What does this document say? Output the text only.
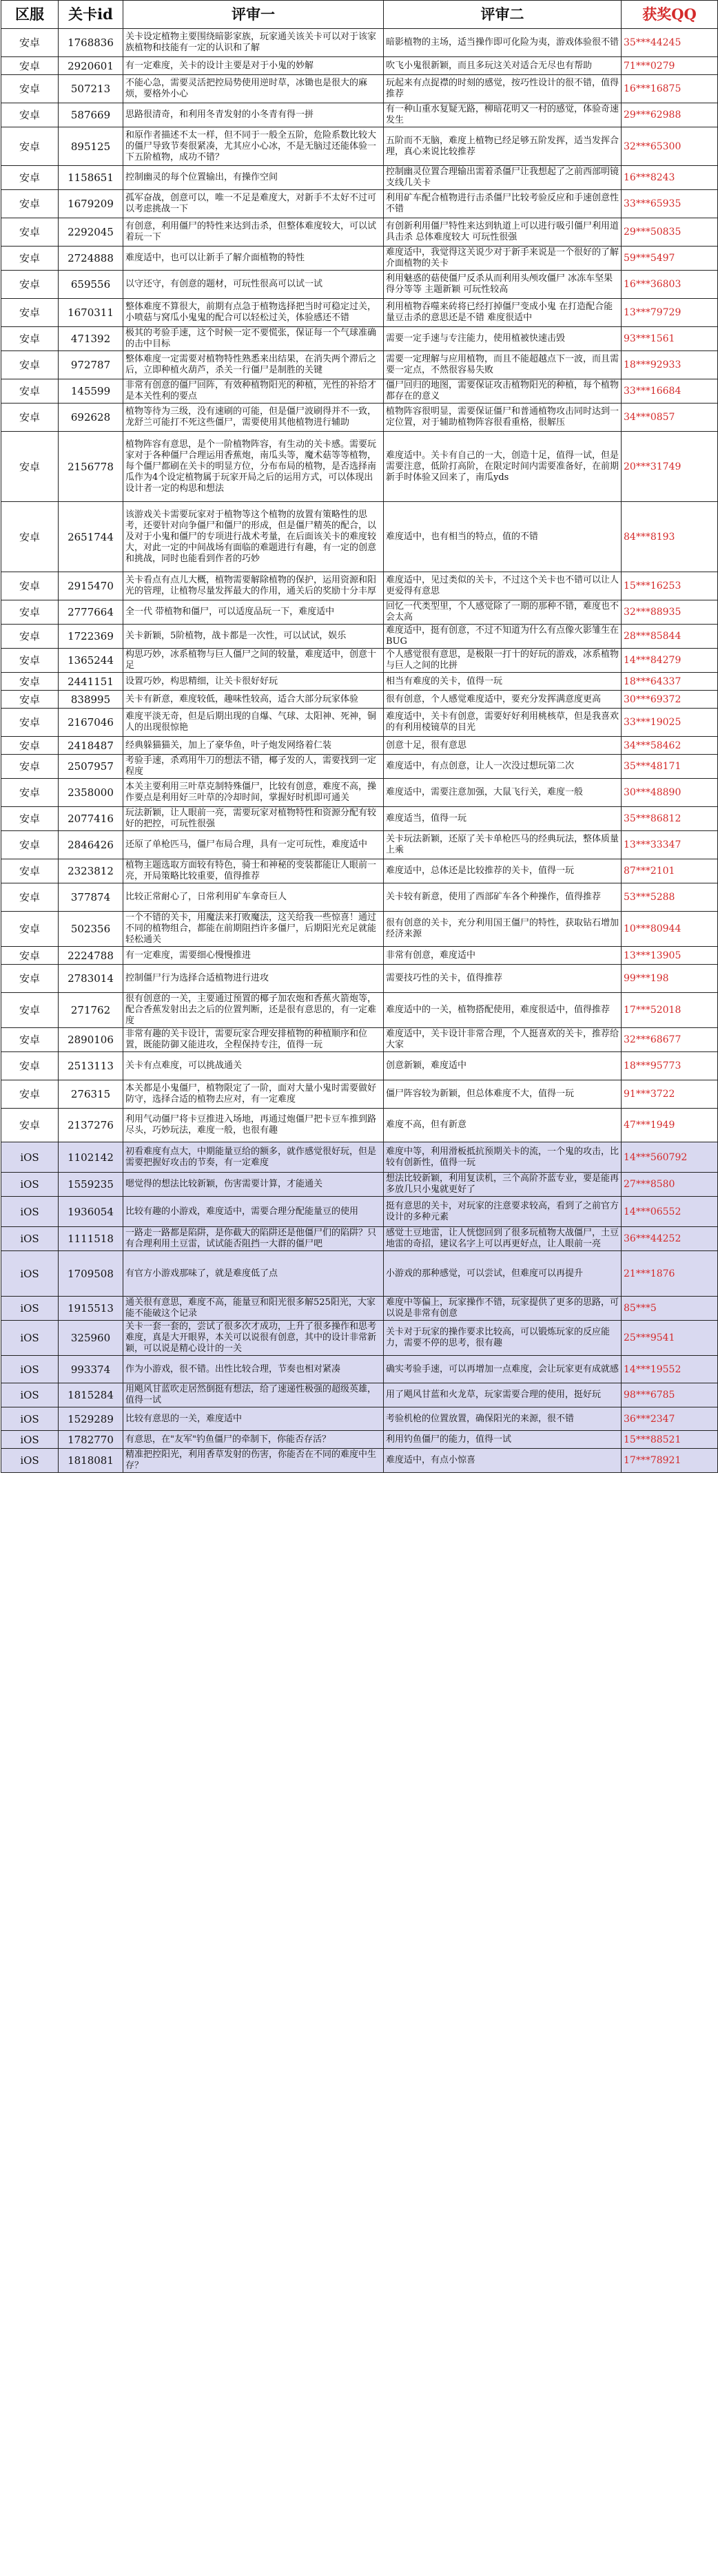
区服	关卡id	评审一	评审二	获奖QQ
安卓	1768836	关卡设定植物主要围绕暗影家族，玩家通关该关卡可以对于该家族植物和技能有一定的认识和了解	暗影植物的主场，适当操作即可化险为夷，游戏体验很不错	35***44245
安卓	2920601	有一定难度，关卡的设计主要是对于小鬼的妙解	吹飞小鬼很新颖，而且多玩这关对适合无尽也有帮助	71***0279
安卓	507213	不能心急，需要灵活把控局势使用逆时草，冰锄也是很大的麻烦，要格外小心	玩起来有点捉襟的时刻的感觉，按巧性设计的很不错，值得推荐	16***16875
安卓	587669	思路很清奇，和利用冬青发射的小冬青有得一拼	有一种山重水复疑无路，柳暗花明又一村的感觉，体验奇速发生	29***62988
安卓	895125	和原作者描述不太一样，但不同于一般全五阶，危险系数比较大的僵尸导致节奏很紧凑，尤其应小心冰，不是无脑过还能体验一下五阶植物，成功不错？	五阶而不无脑，难度上植物已经足够五阶发挥，适当发挥合理，真心来说比较推荐	32***65300
安卓	1158651	控制幽灵的每个位置输出，有操作空间	控制幽灵位置合理输出需着杀僵尸让我想起了之前西部明镜支线几关卡	16***8243
安卓	1679209	孤军奋战，创意可以，唯一不足是难度大，对新手不太好不过可以考虑挑战一下	利用矿车配合植物进行击杀僵尸比较考验反应和手速创意性不错	33***65935
安卓	2292045	有创意，利用僵尸的特性来达到击杀，但整体难度较大，可以试着玩一下	有创新利用僵尸特性来达到轨道上可以进行吸引僵尸利用道具击杀 总体难度较大 可玩性很强	29***50835
安卓	2724888	难度适中，也可以让新手了解介面植物的特性	难度适中，我觉得这关说少对于新手来说是一个很好的了解介面植物的关卡	59***5497
安卓	659556	以守还守，有创意的题材，可玩性很高可以试一试	利用魅惑的菇使僵尸反杀从而利用头颅攻僵尸 冰冻车坚果得分等等 主题新颖 可玩性较高	16***36803
安卓	1670311	整体难度不算很大，前期有点急于植物选择把当时可稳定过关，小喷菇与窝瓜小鬼鬼的配合可以轻松过关，体验感还不错	利用植物吞噬来砖将已经打掉僵尸变成小鬼 在打造配合能量豆击杀的意思还是不错 难度很适中	13***79729
安卓	471392	极其的考验手速，这个时候一定不要慌张，保证每一个气球准确的击中目标	需要一定手速与专注能力，使用植被快速击毁	93***1561
安卓	972787	整体难度一定需要对植物特性熟悉来出结果，在消失两个滞后之后，立即种植火葫芦，杀关一行僵尸是制胜的关键	需要一定理解与应用植物，而且不能超越点下一波，而且需要一定点，不然很容易失败	18***92933
安卓	145599	非常有创意的僵尸回阵，有效种植物阳光的种植，光性的补给才是本关性利的要点	僵尸回归的地图，需要保证攻击植物阳光的种植，每个植物都存在的意义	33***16684
安卓	692628	植物等待为三级，没有速刷的可能，但是僵尸波刷得并不一致，龙舒兰可能打不死这些僵尸，需要使用其他植物进行辅助	植物阵容很明显，需要保证僵尸和普通植物攻击同时达到一定位置，对于辅助植物阵容很看重格，很解压	34***0857
安卓	2156778	植物阵容有意思，是个一阶植物阵容，有生动的关卡感。需要玩家对于各种僵尸合理运用香蕉炮，南瓜头等，魔术菇等等植物，每个僵尸都刷在关卡的明显方位，分布布局的植物，是否选择南瓜作为4个设定植物属于玩家开局之后的运用方式，可以体现出设计者一定的构思和想法	难度适中。关卡有自己的一大，创造十足，值得一试，但是需要注意，低阶打高阶，在限定时间内需要准备好，在前期新手时体验又回来了，南瓜yds	20***31749
安卓	2651744	该游戏关卡需要玩家对于植物等这个植物的放置有策略性的思考，还要针对向争僵尸和僵尸的形成，但是僵尸精英的配合，以及对于小鬼和僵尸的专项进行战术考量，在后面该关卡的难度较大，对此一定的中间战场有面临的难题进行有趣，有一定的创意和挑战，同时也能看到作者的巧妙	难度适中，也有相当的特点，值的不错	84***8193
安卓	2915470	关卡看点有点儿大概，植物需要解除植物的保护，运用资源和阳光的管理，让植物尽量发挥最大的作用，通关后的奖励十分丰厚	难度适中，见过类似的关卡，不过这个关卡也不错可以让人更爱得有意思	15***16253
安卓	2777664	全一代 带植物和僵尸，可以适度品玩一下，难度适中	回忆一代类型里，个人感觉除了一期的那种不错，难度也不会太高	32***88935
安卓	1722369	关卡新颖，5阶植物，战卡都是一次性，可以试试，娱乐	难度适中，挺有创意，不过不知道为什么有点像火影雏生在BUG	28***85844
安卓	1365244	构思巧妙，冰系植物与巨人僵尸之间的较量，难度适中，创意十足	个人感觉很有意思，是极限一打十的好玩的游戏，冰系植物与巨人之间的比拼	14***84279
安卓	2441151	设置巧妙，构思精细，让关卡很好好玩	相当有难度的关卡，值得一玩	18***64337
安卓	838995	关卡有新意，难度较低，趣味性较高，适合大部分玩家体验	很有创意，个人感觉难度适中，要充分发挥满意度更高	30***69372
安卓	2167046	难度平淡无奇，但是后期出现的自爆、气球、太阳神、死神，铜人的出现很惊艳	难度适中，关卡有创意，需要好好利用桃核草，但是我喜欢的有利用棱镜草的目光	33***19025
安卓	2418487	经典躲猫猫关，加上了豪华鱼，叶子炮发网络着仁装	创意十足，很有意思	34***58462
安卓	2507957	考验手速，杀鸡用牛刀的想法不错，椰子发的人，需要找到一定程度	难度适中，有点创意，让人一次没过想玩第二次	35***48171
安卓	2358000	本关主要利用三叶草克制特殊僵尸，比较有创意，难度不高，操作要点是利用好三叶草的冷却时间，掌握好时机即可通关	难度适中，需要注意加强，大鼠飞行关，难度一般	30***48890
安卓	2077416	玩法新颖，让人眼前一亮，需要玩家对植物特性和资源分配有较好的把控，可玩性很强	难度适当，值得一玩	35***86812
安卓	2846426	还原了单枪匹马，僵尸布局合理，具有一定可玩性，难度适中	关卡玩法新颖，还原了关卡单枪匹马的经典玩法，整体质量上乘	13***33347
安卓	2323812	植物主题选取方面较有特色，骑士和神秘的变装都能让人眼前一亮，开局策略比较重要，值得推荐	难度适中，总体还是比较推荐的关卡，值得一玩	87***2101
安卓	377874	比较正常耐心了，日常利用矿车拿奇巨人	关卡较有新意，使用了西部矿车各个种操作，值得推荐	53***5288
安卓	502356	一个不错的关卡，用魔法来打败魔法，这关给我一些惊喜！通过不同的植物组合，都能在前期阻挡许多僵尸，后期阳光充足就能轻松通关	很有创意的关卡，充分利用国王僵尸的特性，获取钻石增加经济来源	10***80944
安卓	2224788	有一定难度，需要细心慢慢推进	非常有创意，难度适中	13***13905
安卓	2783014	控制僵尸行为选择合适植物进行进攻	需要技巧性的关卡，值得推荐	99***198
安卓	271762	很有创意的一关，主要通过预置的椰子加农炮和香蕉火箭炮等，配合香蕉发射出去之后的位置判断，还是很有意思的，有一定难度	难度适中的一关，植物搭配使用，难度很适中，值得推荐	17***52018
安卓	2890106	非常有趣的关卡设计，需要玩家合理安排植物的种植顺序和位置，既能防御又能进攻，全程保持专注，值得一玩	难度适中，关卡设计非常合理，个人挺喜欢的关卡，推荐给大家	32***68677
安卓	2513113	关卡有点难度，可以挑战通关	创意新颖，难度适中	18***95773
安卓	276315	本关都是小鬼僵尸，植物限定了一阶，面对大量小鬼时需要做好防守，选择合适的植物去应对，有一定难度	僵尸阵容较为新颖，但总体难度不大，值得一玩	91***3722
安卓	2137276	利用气动僵尸将卡豆推进入场地，再通过炮僵尸把卡豆车推到路尽头，巧妙玩法，难度一般，也很有趣	难度不高，但有新意	47***1949
iOS	1102142	初看难度有点大，中期能量豆给的额多，就作感觉很好玩，但是需要把握好攻击的节奏，有一定难度	难度中等，利用滑板抵抗预期关卡的流，一个鬼的攻击，比较有创新性，值得一玩	14***560792
iOS	1559235	嗯觉得的想法比较新颖，伤害需要计算，才能通关	想法比较新颖，利用复读机，三个高阶芥蓝专业，要是能再多放几只小鬼就更好了	27***8580
iOS	1936054	比较有趣的小游戏，难度适中，需要合理分配能量豆的使用	挺有意思的关卡，对玩家的注意要求较高，看到了之前官方设计的多种元素	14***06552
iOS	1111518	一路走一路都是陷阱，是你截大的陷阱还是他僵尸们的陷阱？只有合理利用土豆雷，试试能否阻挡一大群的僵尸吧	感觉土豆地雷，让人恍惚回到了很多玩植物大战僵尸，土豆地雷的奇招，建议名字上可以再更好点，让人眼前一亮	36***44252
iOS	1709508	有官方小游戏那味了，就是难度低了点	小游戏的那种感觉，可以尝试，但难度可以再提升	21***1876
iOS	1915513	通关很有意思，难度不高，能量豆和阳光很多解525阳光，大家能不能破这个记录	难度中等偏上，玩家操作不错，玩家提供了更多的思路，可以说是非常有创意	85***5
iOS	325960	关卡一套一套的，尝试了很多次才成功，上升了很多操作和思考难度，真是大开眼界，本关可以说很有创意，其中的设计非常新颖，可以说是精心设计的一关	关卡对于玩家的操作要求比较高，可以锻炼玩家的反应能力，需要不停的思考，很有趣	25***9541
iOS	993374	作为小游戏，很不错。出性比较合理，节奏也相对紧凑	确实考验手速，可以再增加一点难度，会让玩家更有成就感	14***19552
iOS	1815284	用飓风甘蓝吹走居然倒挺有想法，给了速递性极强的超级英雄，值得一试	用了飓风甘蓝和火龙草，玩家需要合理的使用，挺好玩	98***6785
iOS	1529289	比较有意思的一关，难度适中	考验机枪的位置放置，确保阳光的来源，很不错	36***2347
iOS	1782770	有意思，在"友军"钓鱼僵尸的牵制下，你能否存活？	利用钓鱼僵尸的能力，值得一试	15***88521
iOS	1818081	精准把控阳光，利用香草发射的伤害，你能否在不同的难度中生存？	难度适中，有点小惊喜	17***78921
